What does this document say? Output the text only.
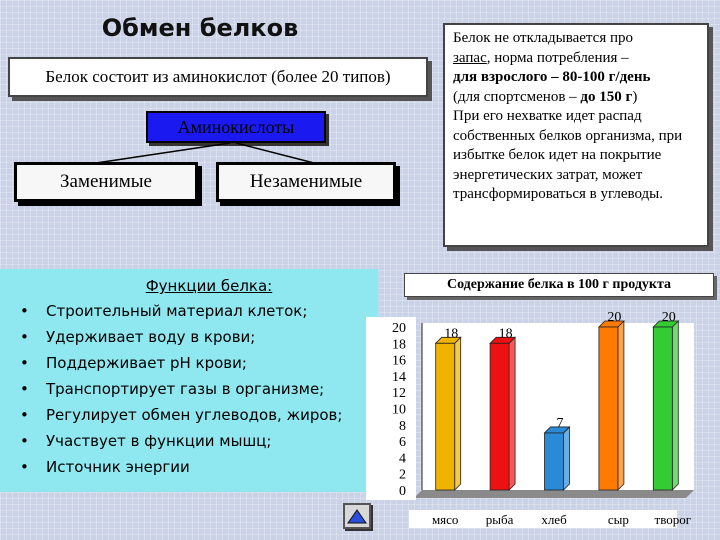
Обмен белков
Белок состоит из аминокислот (более 20 типов)
Аминокислоты
Заменимые	Незаменимые

Белок не откладывается про

запас, норма потребления –

для взрослого – 80-100 г/день

(для спортсменов – до 150 г)

При его нехватке идет распад собственных белков организма, при избытке белок идет на покрытие энергетических затрат, может трансформироваться в углеводы.

Функции белка:
• Строительный материал клеток;
• Удерживает воду в крови;
• Поддерживает pH крови;
• Транспортирует газы в организме;
• Регулирует обмен углеводов, жиров;
• Участвует в функции мышц;
• Источник энергии
Содержание белка в 100 г продукта
0
2
4
6
8
10
12
14
16
18
20	18	18
7
20	20
мясо рыба хлеб	сыр творог
